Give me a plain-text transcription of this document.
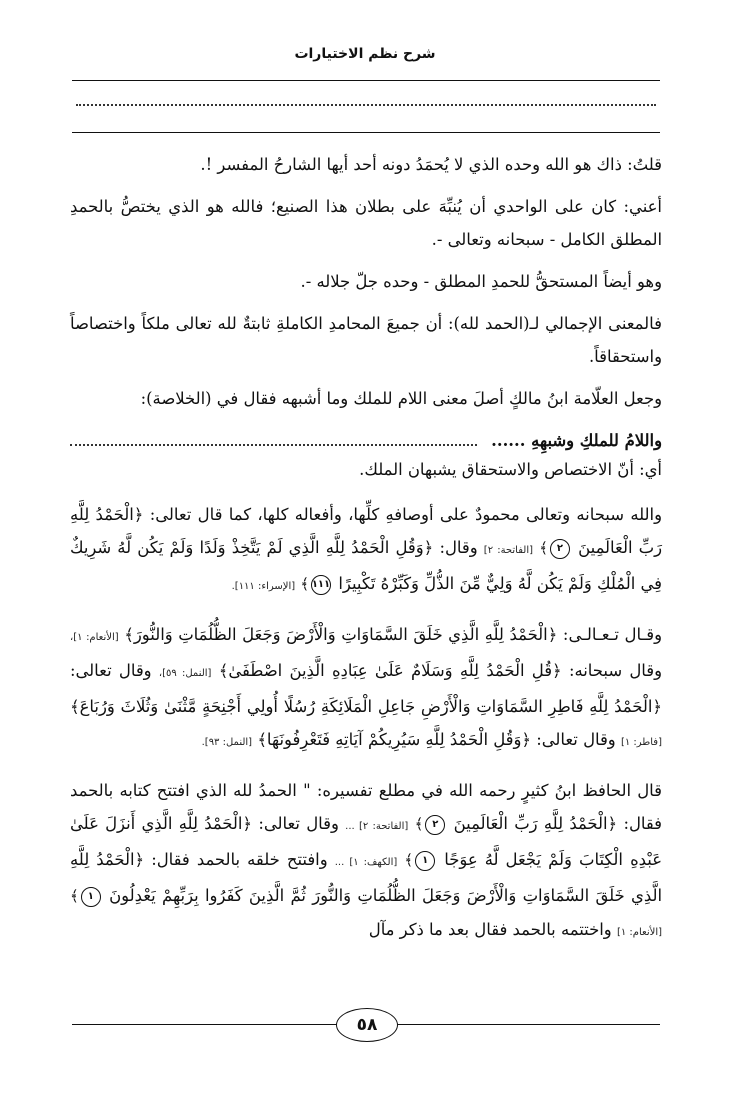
شرح نظم الاختيارات

قلتُ: ذاك هو الله وحده الذي لا يُحمَدُ دونه أحد أيها الشارحُ المفسر !.

أعني: كان على الواحدي أن يُنبِّهَ على بطلان هذا الصنيع؛ فالله هو الذي يختصُّ بالحمدِ المطلق الكامل - سبحانه وتعالى -.

وهو أيضاً المستحقُّ للحمدِ المطلق - وحده جلّ جلاله -.

فالمعنى الإجمالي لـ(الحمد لله): أن جميعَ المحامدِ الكاملةِ ثابتةٌ لله تعالى ملكاً واختصاصاً واستحقاقاً.

وجعل العلّامة ابنُ مالكٍ أصلَ معنى اللام للملك وما أشبهه فقال في (الخلاصة):

واللامُ للملكِ وشبهِهِ ......

أي: أنّ الاختصاص والاستحقاق يشبهان الملك.

والله سبحانه وتعالى محمودٌ على أوصافهِ كلِّها، وأفعاله كلها، كما قال تعالى: ﴿الْحَمْدُ لِلَّهِ رَبِّ الْعَالَمِينَ ٢﴾ [الفاتحة: ٢] وقال: ﴿وَقُلِ الْحَمْدُ لِلَّهِ الَّذِي لَمْ يَتَّخِذْ وَلَدًا وَلَمْ يَكُن لَّهُ شَرِيكٌ فِي الْمُلْكِ وَلَمْ يَكُن لَّهُ وَلِيٌّ مِّنَ الذُّلِّ وَكَبِّرْهُ تَكْبِيرًا ١١١﴾ [الإسراء: ١١١].

وقـال تـعـالـى: ﴿الْحَمْدُ لِلَّهِ الَّذِي خَلَقَ السَّمَاوَاتِ وَالْأَرْضَ وَجَعَلَ الظُّلُمَاتِ وَالنُّورَ﴾ [الأنعام: ١]، وقال سبحانه: ﴿قُلِ الْحَمْدُ لِلَّهِ وَسَلَامٌ عَلَىٰ عِبَادِهِ الَّذِينَ اصْطَفَىٰ﴾ [النمل: ٥٩]، وقال تعالى: ﴿الْحَمْدُ لِلَّهِ فَاطِرِ السَّمَاوَاتِ وَالْأَرْضِ جَاعِلِ الْمَلَائِكَةِ رُسُلًا أُولِي أَجْنِحَةٍ مَّثْنَىٰ وَثُلَاثَ وَرُبَاعَ﴾ [فاطر: ١] وقال تعالى: ﴿وَقُلِ الْحَمْدُ لِلَّهِ سَيُرِيكُمْ آيَاتِهِ فَتَعْرِفُونَهَا﴾ [النمل: ٩٣].

قال الحافظ ابنُ كثيرٍ رحمه الله في مطلع تفسيره: " الحمدُ لله الذي افتتح كتابه بالحمد فقال: ﴿الْحَمْدُ لِلَّهِ رَبِّ الْعَالَمِينَ ٢﴾ [الفاتحة: ٢] ... وقال تعالى: ﴿الْحَمْدُ لِلَّهِ الَّذِي أَنزَلَ عَلَىٰ عَبْدِهِ الْكِتَابَ وَلَمْ يَجْعَل لَّهُ عِوَجًا ١﴾ [الكهف: ١] ... وافتتح خلقه بالحمد فقال: ﴿الْحَمْدُ لِلَّهِ الَّذِي خَلَقَ السَّمَاوَاتِ وَالْأَرْضَ وَجَعَلَ الظُّلُمَاتِ وَالنُّورَ ثُمَّ الَّذِينَ كَفَرُوا بِرَبِّهِمْ يَعْدِلُونَ ١﴾ [الأنعام: ١] واختتمه بالحمد فقال بعد ما ذكر مآل

٥٨
